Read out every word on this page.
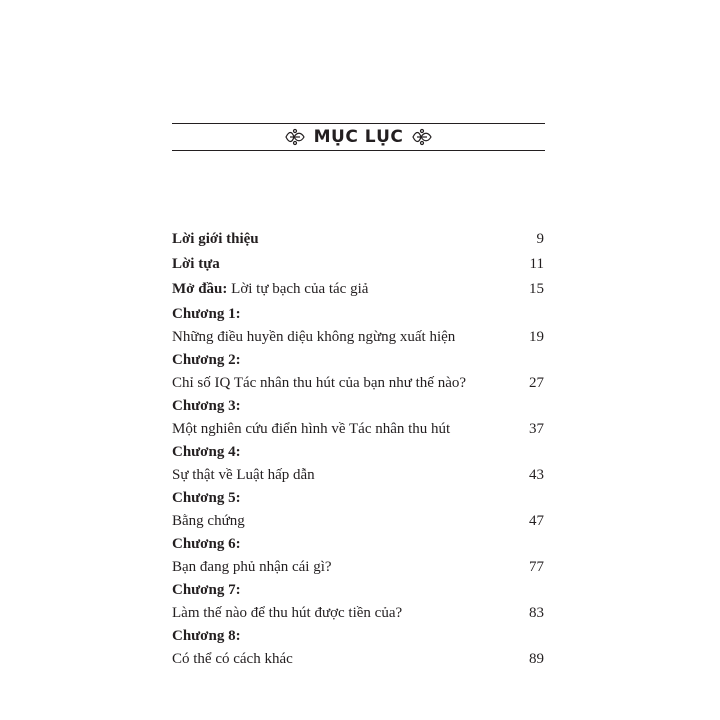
MỤC LỤC
Lời giới thiệu	9
Lời tựa	11
Mở đầu: Lời tự bạch của tác giả	15
Chương 1:
Những điều huyền diệu không ngừng xuất hiện	19
Chương 2:
Chỉ số IQ Tác nhân thu hút của bạn như thế nào?	27
Chương 3:
Một nghiên cứu điển hình về Tác nhân thu hút	37
Chương 4:
Sự thật về Luật hấp dẫn	43
Chương 5:
Bằng chứng	47
Chương 6:
Bạn đang phủ nhận cái gì?	77
Chương 7:
Làm thế nào để thu hút được tiền của?	83
Chương 8:
Có thể có cách khác	89
